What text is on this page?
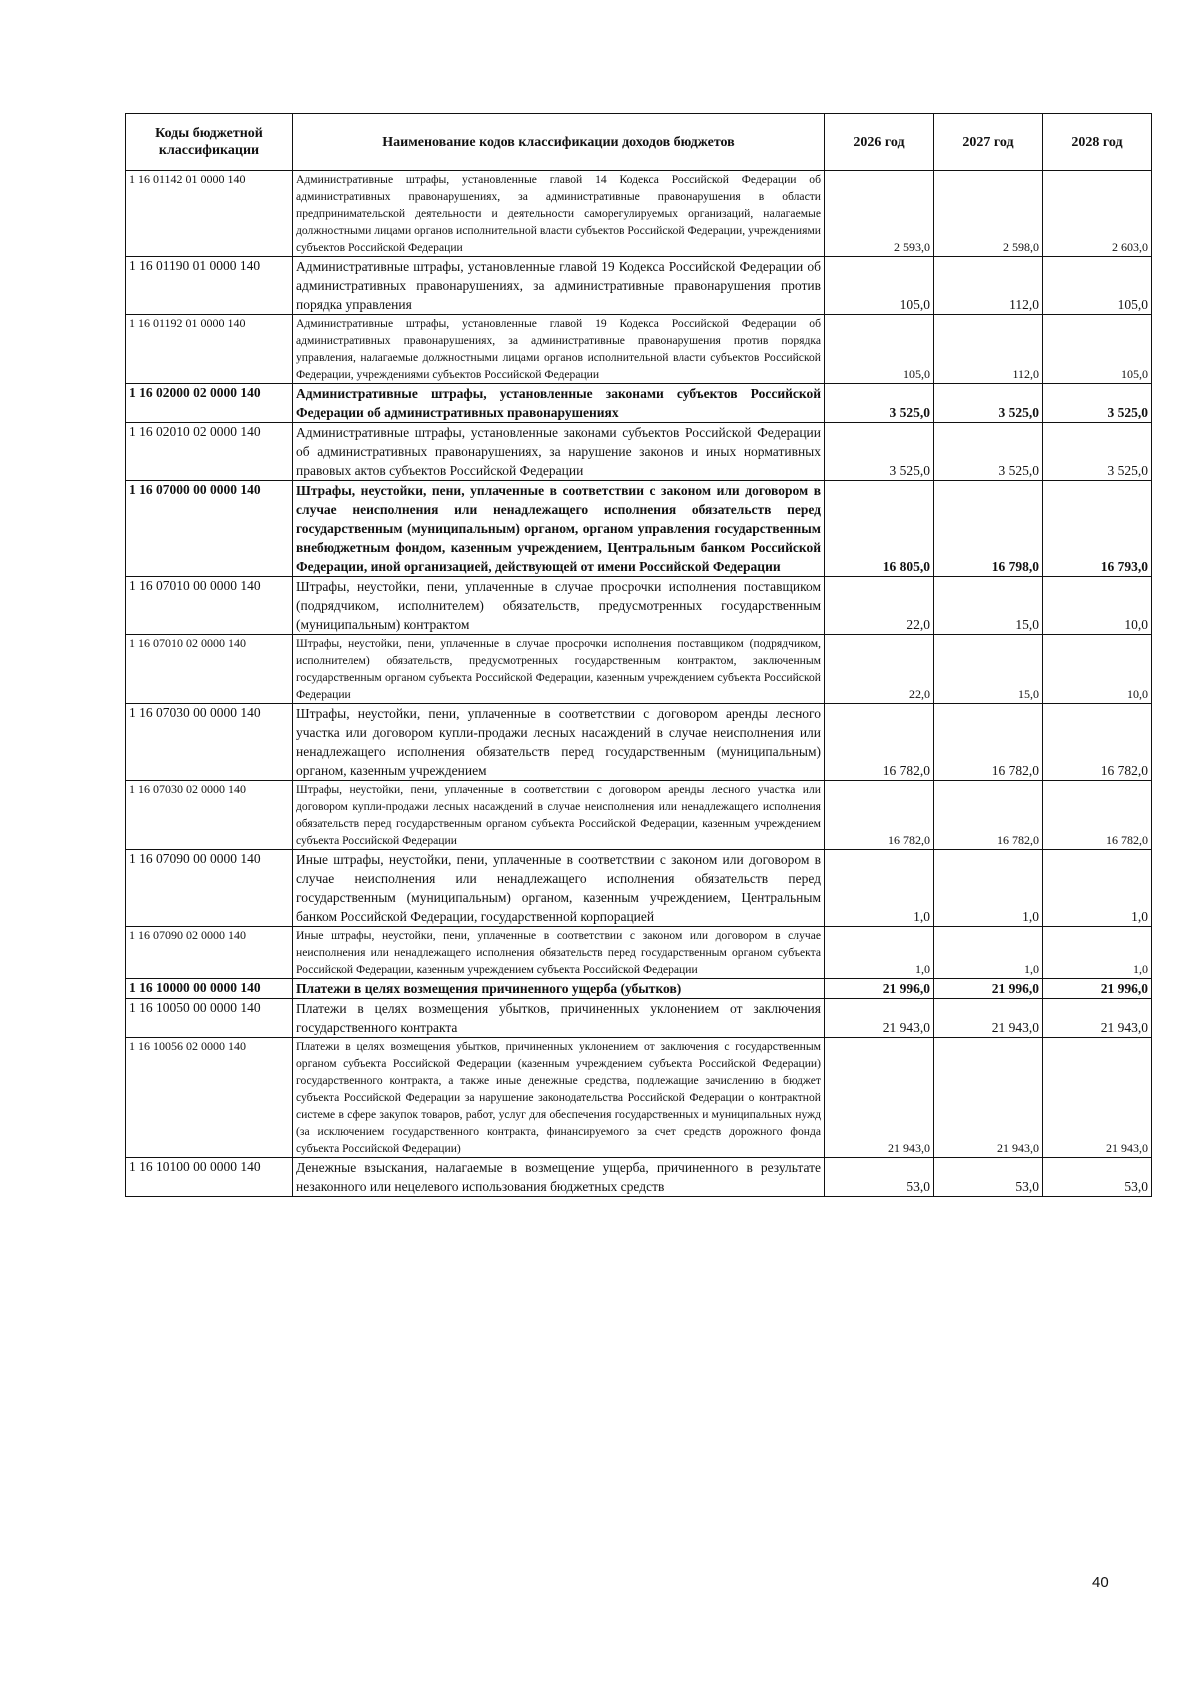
Коды бюджетной классификации	Наименование кодов классификации доходов бюджетов	2026 год	2027 год	2028 год
1 16 01142 01 0000 140	Административные штрафы, установленные главой 14 Кодекса Российской Федерации об административных правонарушениях, за административные правонарушения в области предпринимательской деятельности и деятельности саморегулируемых организаций, налагаемые должностными лицами органов исполнительной власти субъектов Российской Федерации, учреждениями субъектов Российской Федерации	2 593,0	2 598,0	2 603,0
1 16 01190 01 0000 140	Административные штрафы, установленные главой 19 Кодекса Российской Федерации об административных правонарушениях, за административные правонарушения против порядка управления	105,0	112,0	105,0
1 16 01192 01 0000 140	Административные штрафы, установленные главой 19 Кодекса Российской Федерации об административных правонарушениях, за административные правонарушения против порядка управления, налагаемые должностными лицами органов исполнительной власти субъектов Российской Федерации, учреждениями субъектов Российской Федерации	105,0	112,0	105,0
1 16 02000 02 0000 140	Административные штрафы, установленные законами субъектов Российской Федерации об административных правонарушениях	3 525,0	3 525,0	3 525,0
1 16 02010 02 0000 140	Административные штрафы, установленные законами субъектов Российской Федерации об административных правонарушениях, за нарушение законов и иных нормативных правовых актов субъектов Российской Федерации	3 525,0	3 525,0	3 525,0
1 16 07000 00 0000 140	Штрафы, неустойки, пени, уплаченные в соответствии с законом или договором в случае неисполнения или ненадлежащего исполнения обязательств перед государственным (муниципальным) органом, органом управления государственным внебюджетным фондом, казенным учреждением, Центральным банком Российской Федерации, иной организацией, действующей от имени Российской Федерации	16 805,0	16 798,0	16 793,0
1 16 07010 00 0000 140	Штрафы, неустойки, пени, уплаченные в случае просрочки исполнения поставщиком (подрядчиком, исполнителем) обязательств, предусмотренных государственным (муниципальным) контрактом	22,0	15,0	10,0
1 16 07010 02 0000 140	Штрафы, неустойки, пени, уплаченные в случае просрочки исполнения поставщиком (подрядчиком, исполнителем) обязательств, предусмотренных государственным контрактом, заключенным государственным органом субъекта Российской Федерации, казенным учреждением субъекта Российской Федерации	22,0	15,0	10,0
1 16 07030 00 0000 140	Штрафы, неустойки, пени, уплаченные в соответствии с договором аренды лесного участка или договором купли-продажи лесных насаждений в случае неисполнения или ненадлежащего исполнения обязательств перед государственным (муниципальным) органом, казенным учреждением	16 782,0	16 782,0	16 782,0
1 16 07030 02 0000 140	Штрафы, неустойки, пени, уплаченные в соответствии с договором аренды лесного участка или договором купли-продажи лесных насаждений в случае неисполнения или ненадлежащего исполнения обязательств перед государственным органом субъекта Российской Федерации, казенным учреждением субъекта Российской Федерации	16 782,0	16 782,0	16 782,0
1 16 07090 00 0000 140	Иные штрафы, неустойки, пени, уплаченные в соответствии с законом или договором в случае неисполнения или ненадлежащего исполнения обязательств перед государственным (муниципальным) органом, казенным учреждением, Центральным банком Российской Федерации, государственной корпорацией	1,0	1,0	1,0
1 16 07090 02 0000 140	Иные штрафы, неустойки, пени, уплаченные в соответствии с законом или договором в случае неисполнения или ненадлежащего исполнения обязательств перед государственным органом субъекта Российской Федерации, казенным учреждением субъекта Российской Федерации	1,0	1,0	1,0
1 16 10000 00 0000 140	Платежи в целях возмещения причиненного ущерба (убытков)	21 996,0	21 996,0	21 996,0
1 16 10050 00 0000 140	Платежи в целях возмещения убытков, причиненных уклонением от заключения государственного контракта	21 943,0	21 943,0	21 943,0
1 16 10056 02 0000 140	Платежи в целях возмещения убытков, причиненных уклонением от заключения с государственным органом субъекта Российской Федерации (казенным учреждением субъекта Российской Федерации) государственного контракта, а также иные денежные средства, подлежащие зачислению в бюджет субъекта Российской Федерации за нарушение законодательства Российской Федерации о контрактной системе в сфере закупок товаров, работ, услуг для обеспечения государственных и муниципальных нужд (за исключением государственного контракта, финансируемого за счет средств дорожного фонда субъекта Российской Федерации)	21 943,0	21 943,0	21 943,0
1 16 10100 00 0000 140	Денежные взыскания, налагаемые в возмещение ущерба, причиненного в результате незаконного или нецелевого использования бюджетных средств	53,0	53,0	53,0
40
